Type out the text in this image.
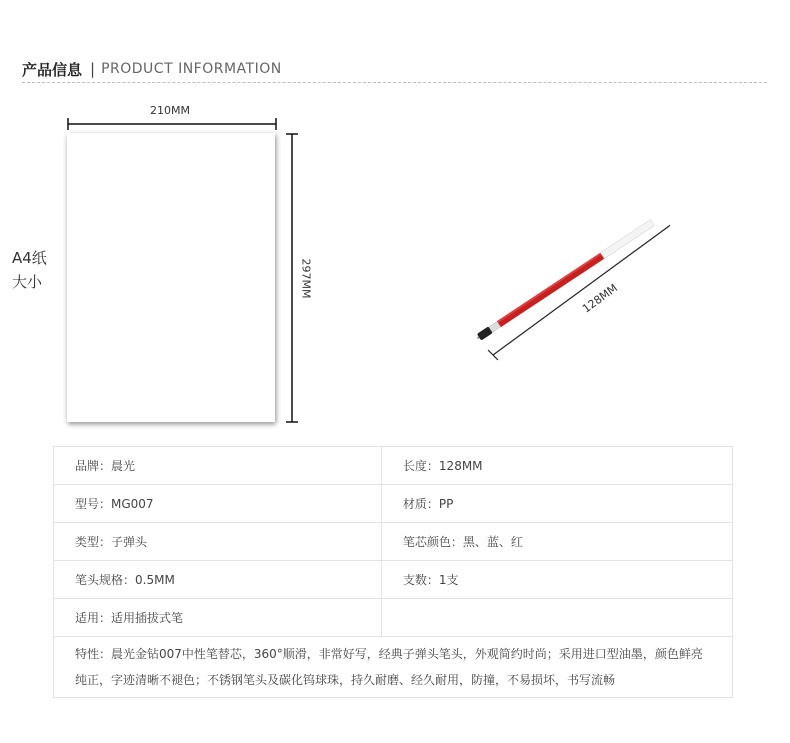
产品信息 | PRODUCT INFORMATION
210MM
297MM
A4纸
大小	128MM
品牌：晨光	长度：128MM
型号：MG007	材质：PP
类型：子弹头	笔芯颜色：黑、蓝、红
笔头规格：0.5MM	支数：1支
适用：适用插拔式笔	
特性：晨光金钻007中性笔替芯，360°顺滑，非常好写，经典子弹头笔头，外观简约时尚；采用进口型油墨，颜色鲜亮纯正，字迹清晰不褪色；不锈钢笔头及碳化钨球珠，持久耐磨、经久耐用，防撞，不易损坏，书写流畅	
